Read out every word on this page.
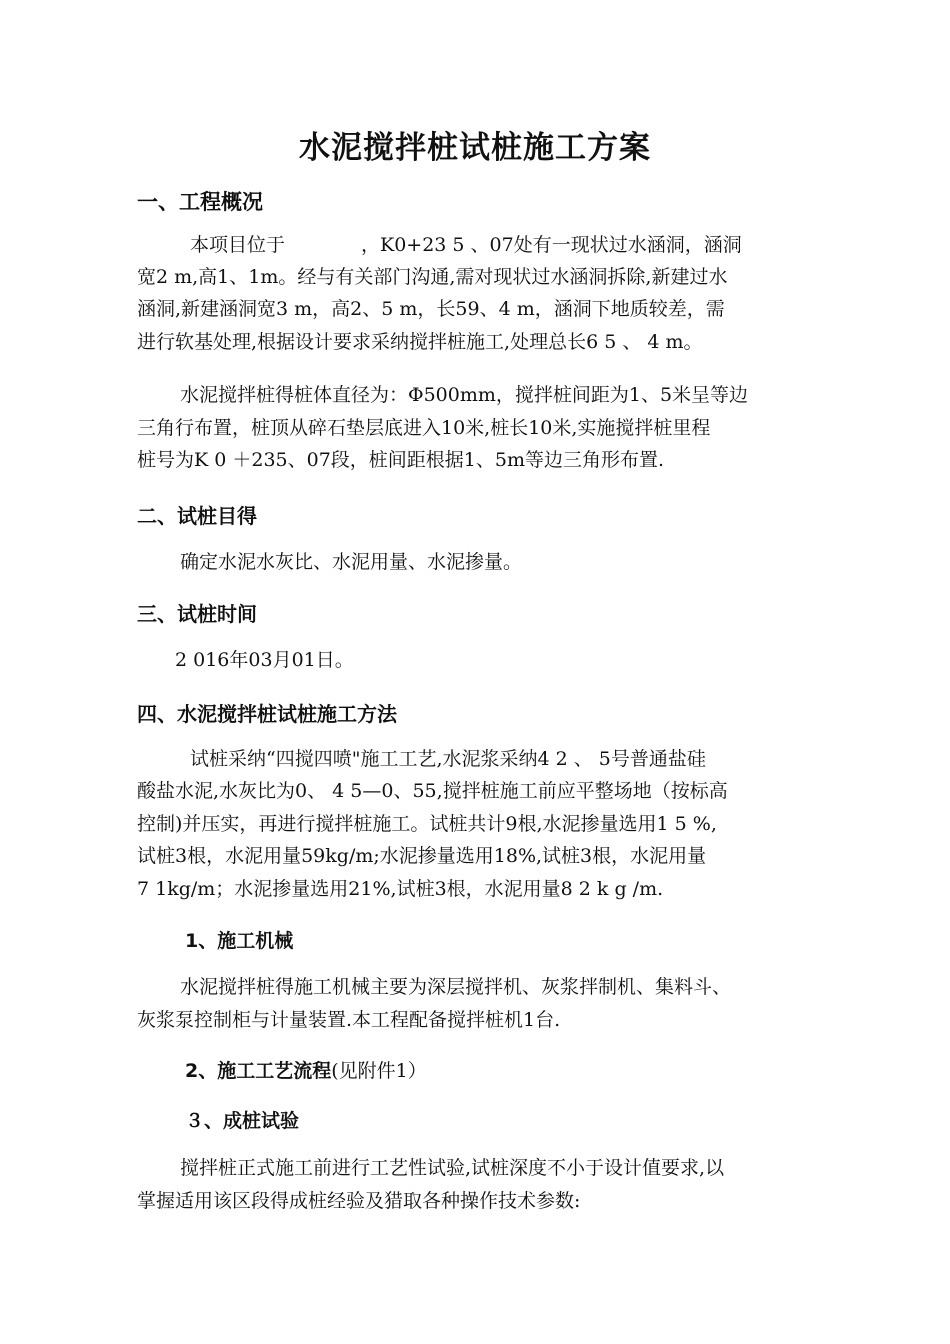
水泥搅拌桩试桩施工方案
一、工程概况
本项目位于　　　　，K0+23 5 、07处有一现状过水涵洞，涵洞
宽2 m,高1、1m。经与有关部门沟通,需对现状过水涵洞拆除,新建过水
涵洞,新建涵洞宽3 m，高2、5 m，长59、4 m，涵洞下地质较差，需
进行软基处理,根据设计要求采纳搅拌桩施工,处理总长6 5 、 4 m。
水泥搅拌桩得桩体直径为：Φ500mm，搅拌桩间距为1、5米呈等边
三角行布置，桩顶从碎石垫层底进入10米,桩长10米,实施搅拌桩里程
桩号为K 0 ＋235、07段，桩间距根据1、5m等边三角形布置.
二、试桩目得
确定水泥水灰比、水泥用量、水泥掺量。
三、试桩时间
2 016年03月01日。
四、水泥搅拌桩试桩施工方法
试桩采纳“四搅四喷"施工工艺,水泥浆采纳4 2 、 5号普通盐硅
酸盐水泥,水灰比为0、 4 5—0、55,搅拌桩施工前应平整场地（按标高
控制)并压实，再进行搅拌桩施工。试桩共计9根,水泥掺量选用1 5 %,
试桩3根，水泥用量59kg/m;水泥掺量选用18%,试桩3根，水泥用量
7 1kg/m；水泥掺量选用21%,试桩3根，水泥用量8 2 k g /m.
1、施工机械
水泥搅拌桩得施工机械主要为深层搅拌机、灰浆拌制机、集料斗、
灰浆泵控制柜与计量装置.本工程配备搅拌桩机1台.
2、施工工艺流程(见附件1）
３、成桩试验
搅拌桩正式施工前进行工艺性试验,试桩深度不小于设计值要求,以
掌握适用该区段得成桩经验及猎取各种操作技术参数:
